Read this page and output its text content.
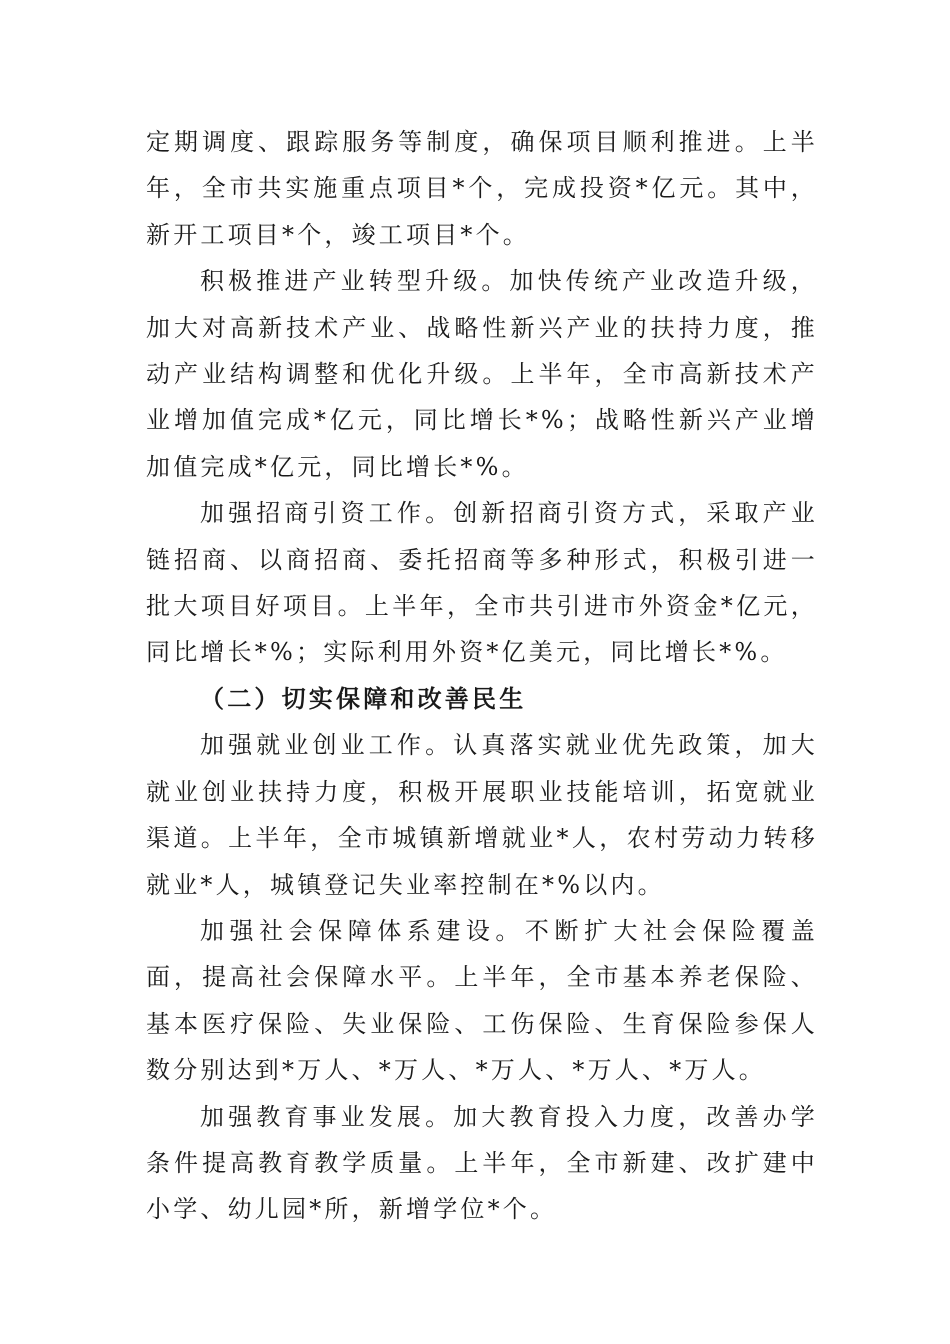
定期调度、跟踪服务等制度，确保项目顺利推进。上半年，全市共实施重点项目*个，完成投资*亿元。其中，新开工项目*个，竣工项目*个。

积极推进产业转型升级。加快传统产业改造升级，加大对高新技术产业、战略性新兴产业的扶持力度，推动产业结构调整和优化升级。上半年，全市高新技术产业增加值完成*亿元，同比增长*%；战略性新兴产业增加值完成*亿元，同比增长*%。

加强招商引资工作。创新招商引资方式，采取产业链招商、以商招商、委托招商等多种形式，积极引进一批大项目好项目。上半年，全市共引进市外资金*亿元，同比增长*%；实际利用外资*亿美元，同比增长*%。

（二）切实保障和改善民生

加强就业创业工作。认真落实就业优先政策，加大就业创业扶持力度，积极开展职业技能培训，拓宽就业渠道。上半年，全市城镇新增就业*人，农村劳动力转移就业*人，城镇登记失业率控制在*%以内。

加强社会保障体系建设。不断扩大社会保险覆盖面，提高社会保障水平。上半年，全市基本养老保险、基本医疗保险、失业保险、工伤保险、生育保险参保人数分别达到*万人、*万人、*万人、*万人、*万人。

加强教育事业发展。加大教育投入力度，改善办学条件提高教育教学质量。上半年，全市新建、改扩建中小学、幼儿园*所，新增学位*个。
